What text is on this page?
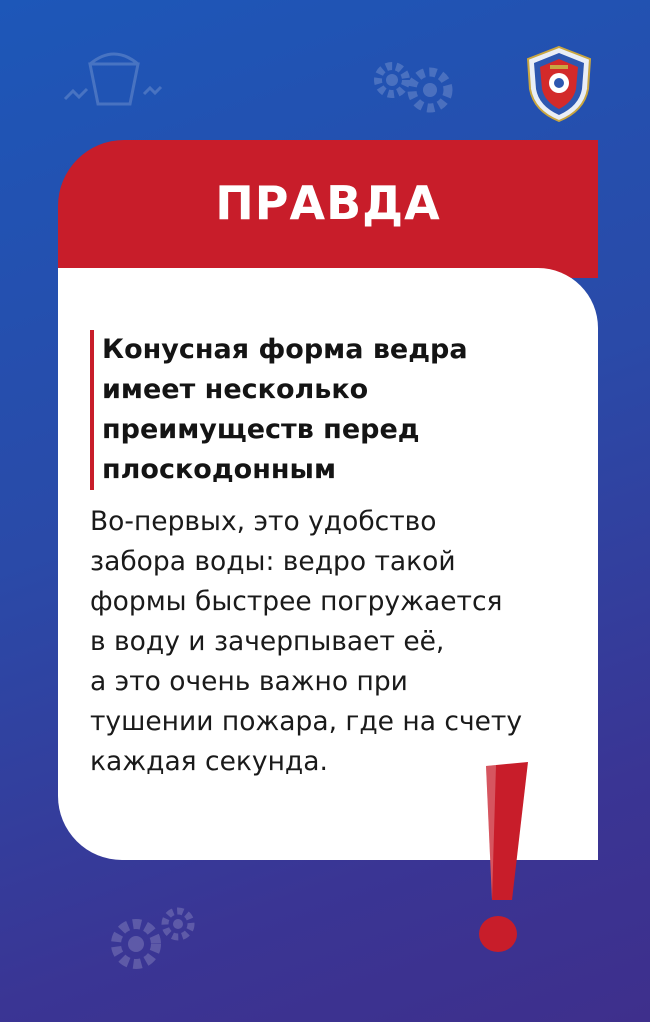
ПРАВДА
Конусная форма ведра
имеет несколько
преимуществ перед
плоскодонным
Во-первых, это удобство
забора воды: ведро такой
формы быстрее погружается
в воду и зачерпывает её,
а это очень важно при
тушении пожара, где на счету
каждая секунда.
